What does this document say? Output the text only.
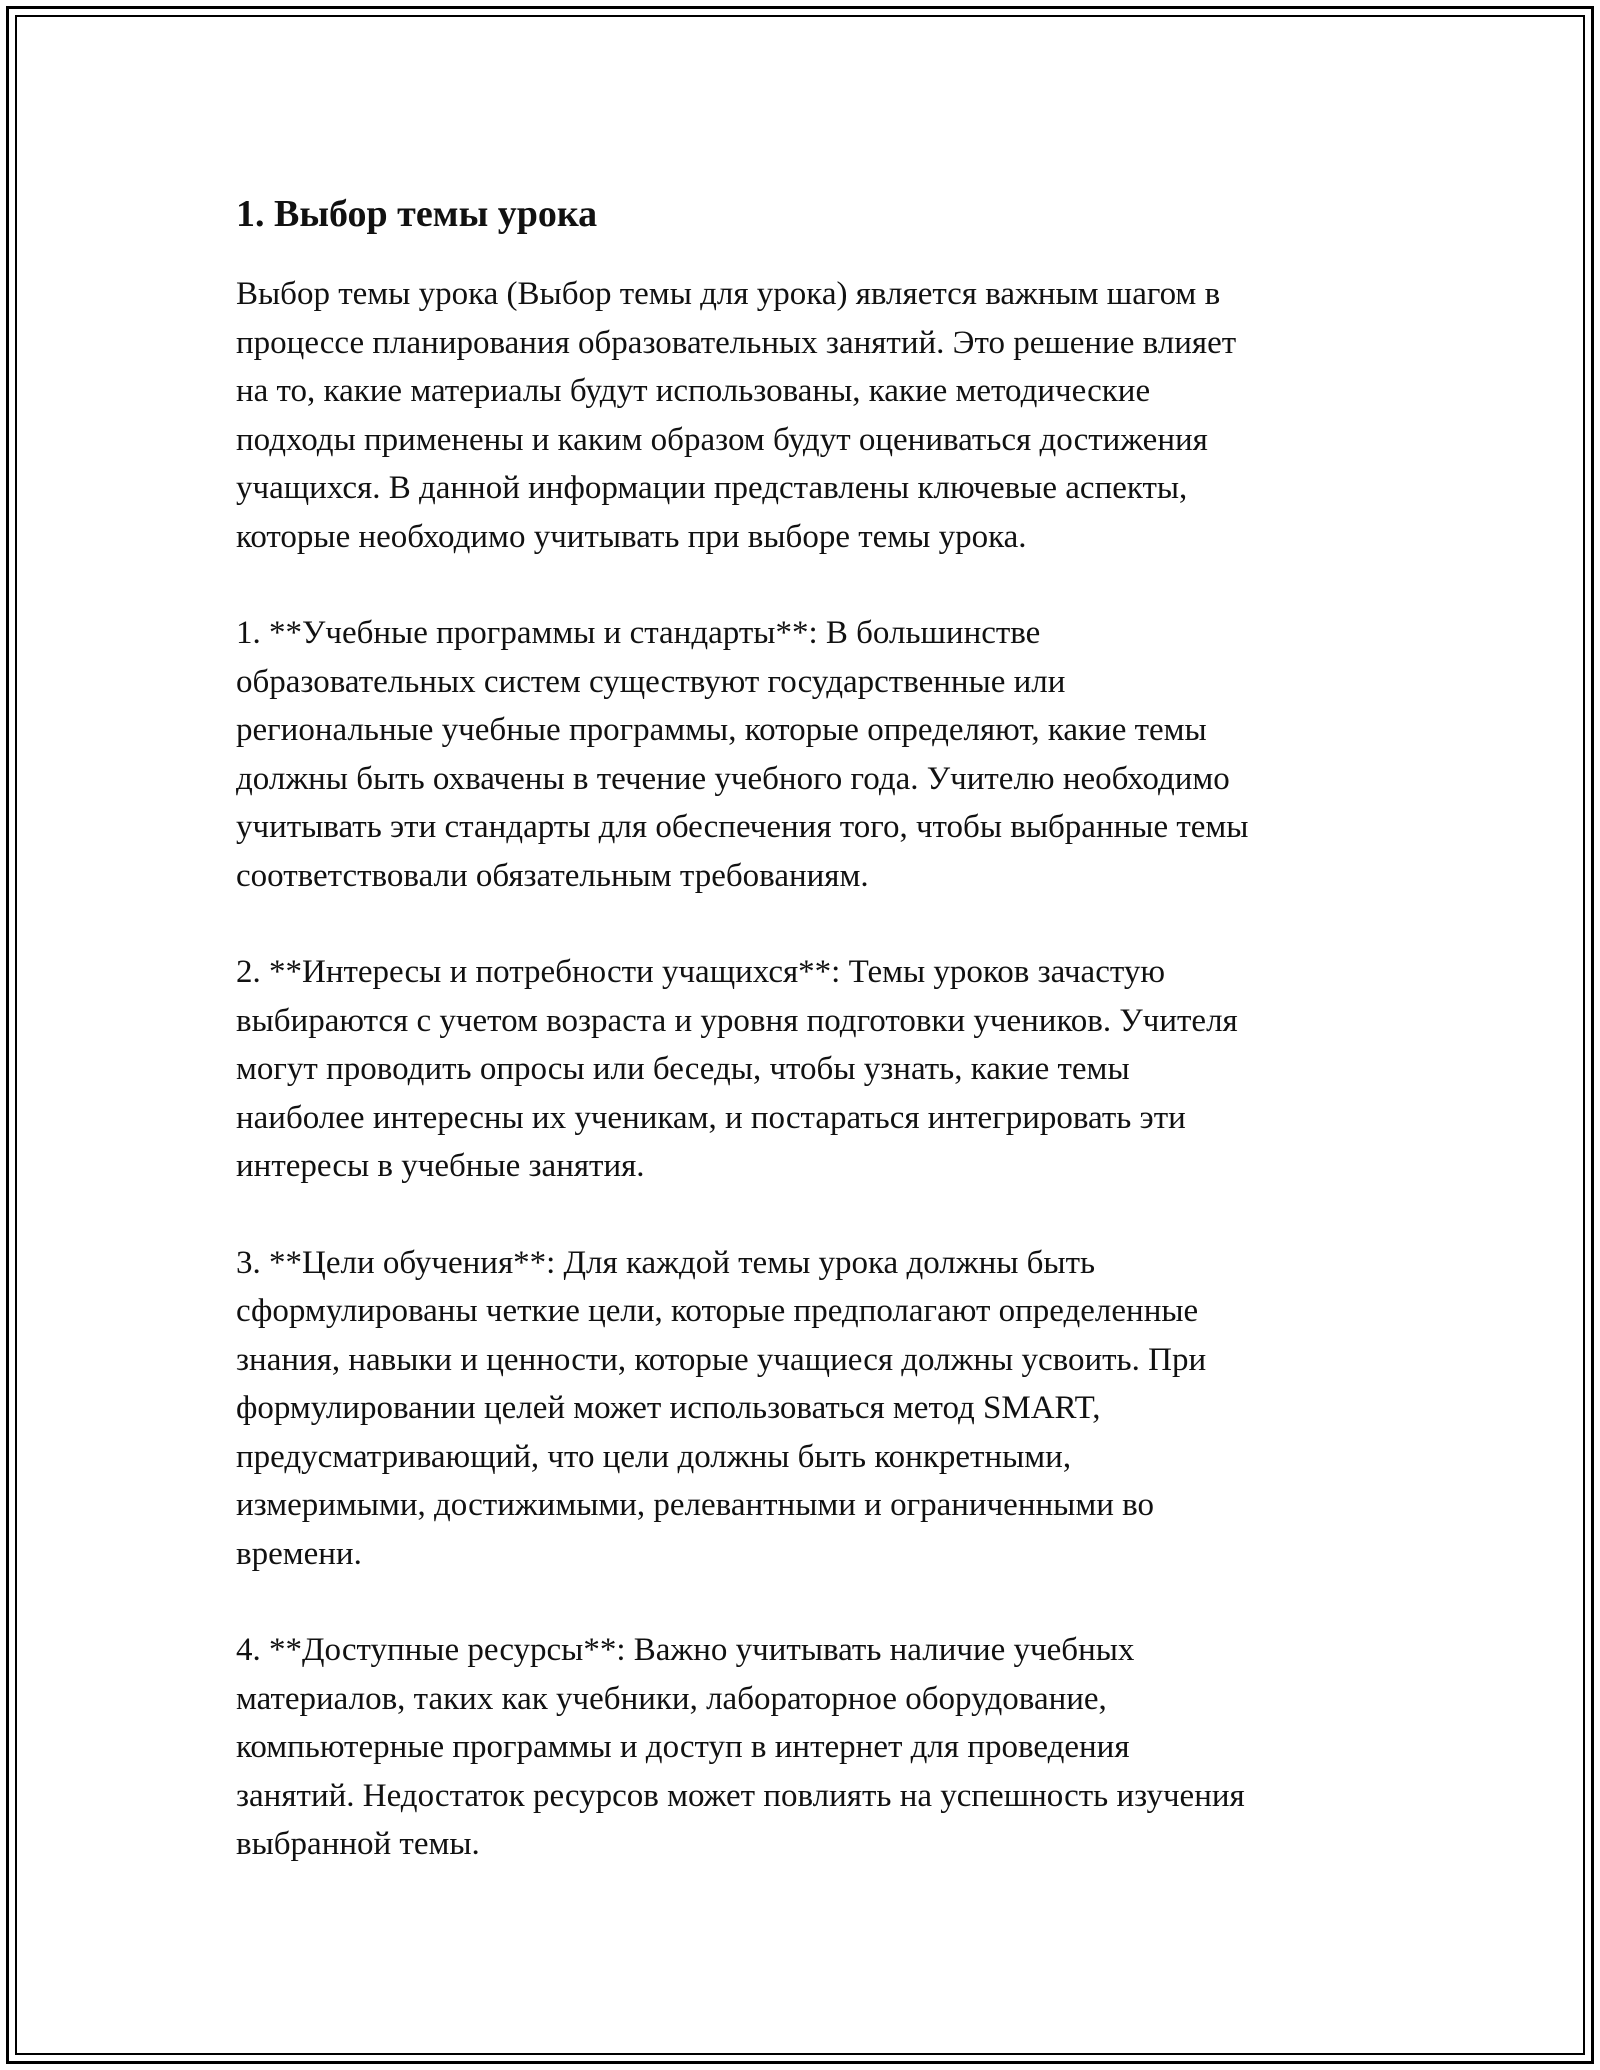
1. Выбор темы урока

Выбор темы урока (Выбор темы для урока) является важным шагом в
процессе планирования образовательных занятий. Это решение влияет
на то, какие материалы будут использованы, какие методические
подходы применены и каким образом будут оцениваться достижения
учащихся. В данной информации представлены ключевые аспекты,
которые необходимо учитывать при выборе темы урока.

1. **Учебные программы и стандарты**: В большинстве
образовательных систем существуют государственные или
региональные учебные программы, которые определяют, какие темы
должны быть охвачены в течение учебного года. Учителю необходимо
учитывать эти стандарты для обеспечения того, чтобы выбранные темы
соответствовали обязательным требованиям.

2. **Интересы и потребности учащихся**: Темы уроков зачастую
выбираются с учетом возраста и уровня подготовки учеников. Учителя
могут проводить опросы или беседы, чтобы узнать, какие темы
наиболее интересны их ученикам, и постараться интегрировать эти
интересы в учебные занятия.

3. **Цели обучения**: Для каждой темы урока должны быть
сформулированы четкие цели, которые предполагают определенные
знания, навыки и ценности, которые учащиеся должны усвоить. При
формулировании целей может использоваться метод SMART,
предусматривающий, что цели должны быть конкретными,
измеримыми, достижимыми, релевантными и ограниченными во
времени.

4. **Доступные ресурсы**: Важно учитывать наличие учебных
материалов, таких как учебники, лабораторное оборудование,
компьютерные программы и доступ в интернет для проведения
занятий. Недостаток ресурсов может повлиять на успешность изучения
выбранной темы.
